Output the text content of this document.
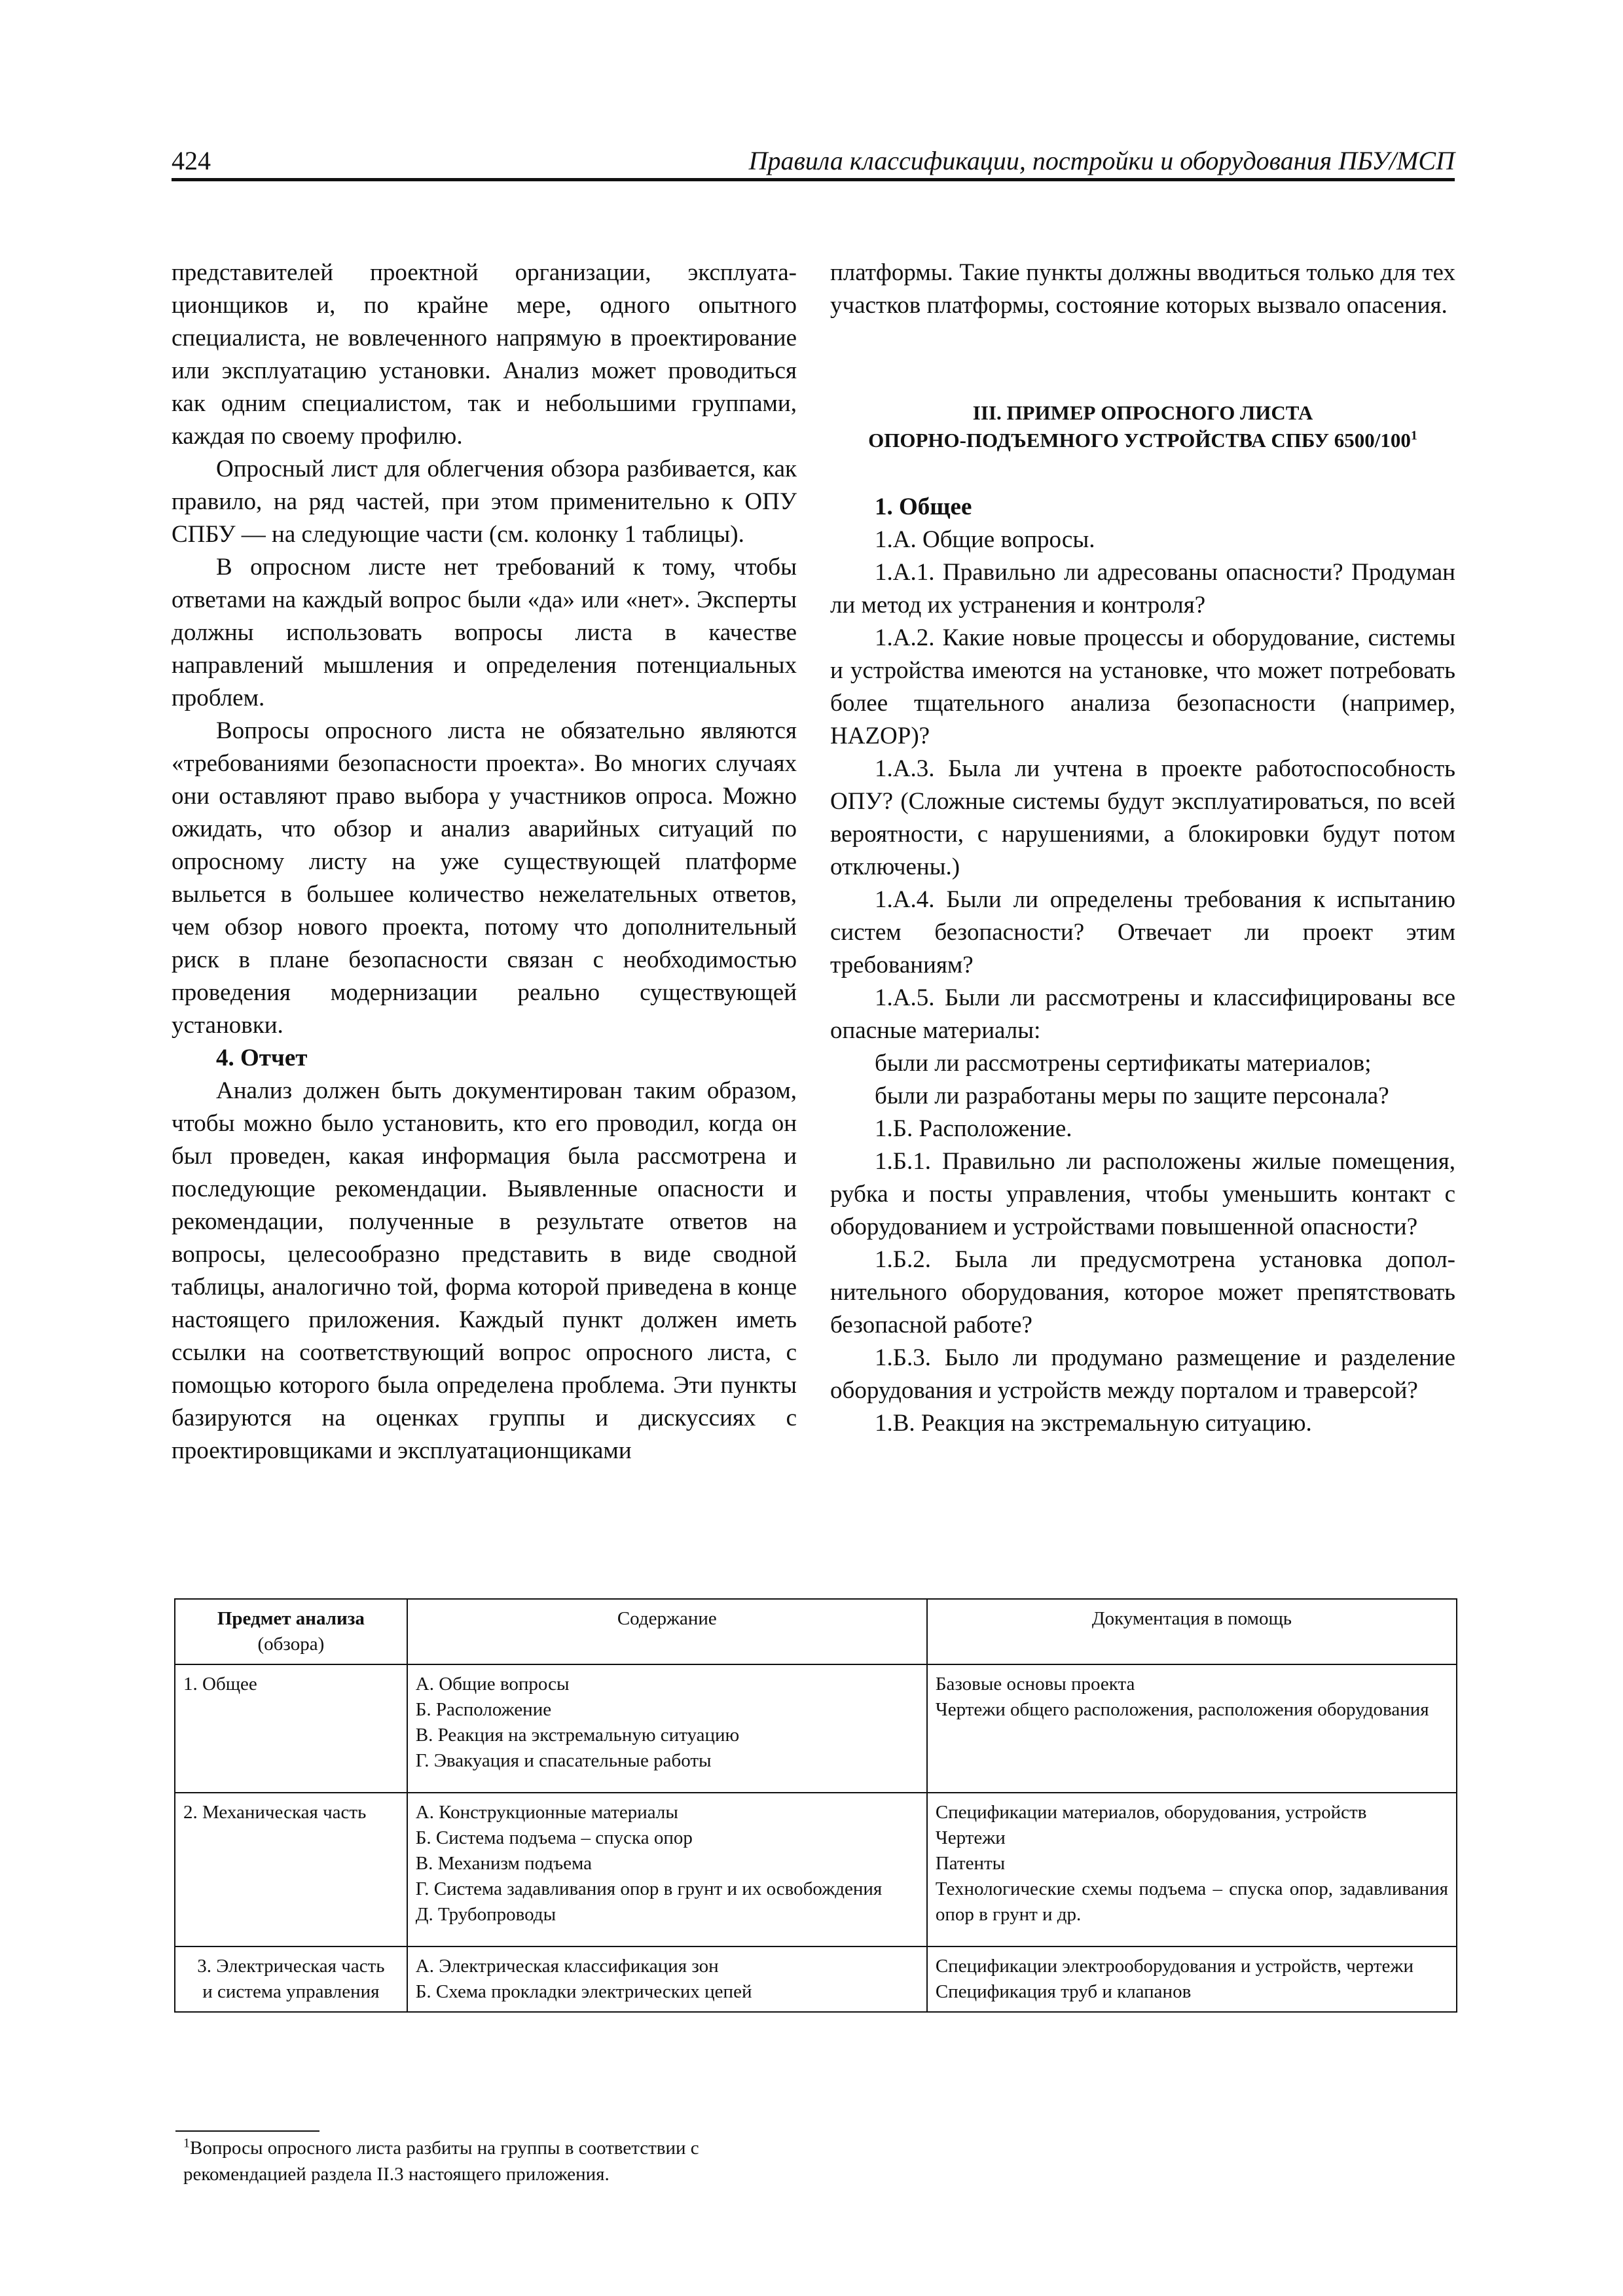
424	Правила классификации, постройки и оборудования ПБУ/МСП

представителей проектной организации, эксплуатационщиков и, по крайне мере, одного опытного специалиста, не вовлеченного напрямую в проектирование или эксплуатацию установки. Анализ может проводиться как одним специалистом, так и небольшими группами, каждая по своему профилю.

Опросный лист для облегчения обзора разбивается, как правило, на ряд частей, при этом применительно к ОПУ СПБУ — на следующие части (см. колонку 1 таблицы).

В опросном листе нет требований к тому, чтобы ответами на каждый вопрос были «да» или «нет». Эксперты должны использовать вопросы листа в качестве направлений мышления и определения потенциальных проблем.

Вопросы опросного листа не обязательно являются «требованиями безопасности проекта». Во многих случаях они оставляют право выбора у участников опроса. Можно ожидать, что обзор и анализ аварийных ситуаций по опросному листу на уже существующей платформе выльется в большее количество нежелательных ответов, чем обзор нового проекта, потому что дополнительный риск в плане безопасности связан с необходимостью проведения модернизации реально существующей установки.

4. Отчет

Анализ должен быть документирован таким образом, чтобы можно было установить, кто его проводил, когда он был проведен, какая информация была рассмотрена и последующие рекомендации. Выявленные опасности и рекомендации, полученные в результате ответов на вопросы, целесообразно представить в виде сводной таблицы, аналогично той, форма которой приведена в конце настоящего приложения. Каждый пункт должен иметь ссылки на соответствующий вопрос опросного листа, с помощью которого была определена проблема. Эти пункты базируются на оценках группы и дискуссиях с проектировщиками и эксплуатационщиками

платформы. Такие пункты должны вводиться только для тех участков платформы, состояние которых вызвало опасения.

III. ПРИМЕР ОПРОСНОГО ЛИСТА

ОПОРНО-ПОДЪЕМНОГО УСТРОЙСТВА СПБУ $6500/100^1$

1. Общее

1.А. Общие вопросы.

1.А.1. Правильно ли адресованы опасности? Продуман ли метод их устранения и контроля?

1.А.2. Какие новые процессы и оборудование, системы и устройства имеются на установке, что может потребовать более тщательного анализа безопасности (например, HAZOP)?

1.А.3. Была ли учтена в проекте работоспособность ОПУ? (Сложные системы будут эксплуатироваться, по всей вероятности, с нарушениями, а блокировки будут потом отключены.)

1.А.4. Были ли определены требования к испытанию систем безопасности? Отвечает ли проект этим требованиям?

1.А.5. Были ли рассмотрены и классифицированы все опасные материалы:

были ли рассмотрены сертификаты материалов;

были ли разработаны меры по защите персонала?

1.Б. Расположение.

1.Б.1. Правильно ли расположены жилые помещения, рубка и посты управления, чтобы уменьшить контакт с оборудованием и устройствами повышенной опасности?

1.Б.2. Была ли предусмотрена установка дополнительного оборудования, которое может препятствовать безопасной работе?

1.Б.3. Было ли продумано размещение и разделение оборудования и устройств между порталом и траверсой?

1.В. Реакция на экстремальную ситуацию.

Предмет анализа
(обзора)	Содержание	Документация в помощь

1. Общее	А. Общие вопросы
Б. Расположение
В. Реакция на экстремальную ситуацию
Г. Эвакуация и спасательные работы	Базовые основы проекта
Чертежи общего расположения, расположения оборудования

2. Механическая часть	А. Конструкционные материалы
Б. Система подъема – спуска опор
В. Механизм подъема
Г. Система задавливания опор в грунт и их освобождения
Д. Трубопроводы	Спецификации материалов, оборудования, устройств
Чертежи
Патенты
Технологические схемы подъема – спуска опор, задавливания опор в грунт и др.

3. Электрическая часть
и система управления	А. Электрическая классификация зон
Б. Схема прокладки электрических цепей	Спецификации электрооборудования и устройств, чертежи
Спецификация труб и клапанов
$^1$Вопросы опросного листа разбиты на группы в соответствии с рекомендацией раздела II.3 настоящего приложения.
